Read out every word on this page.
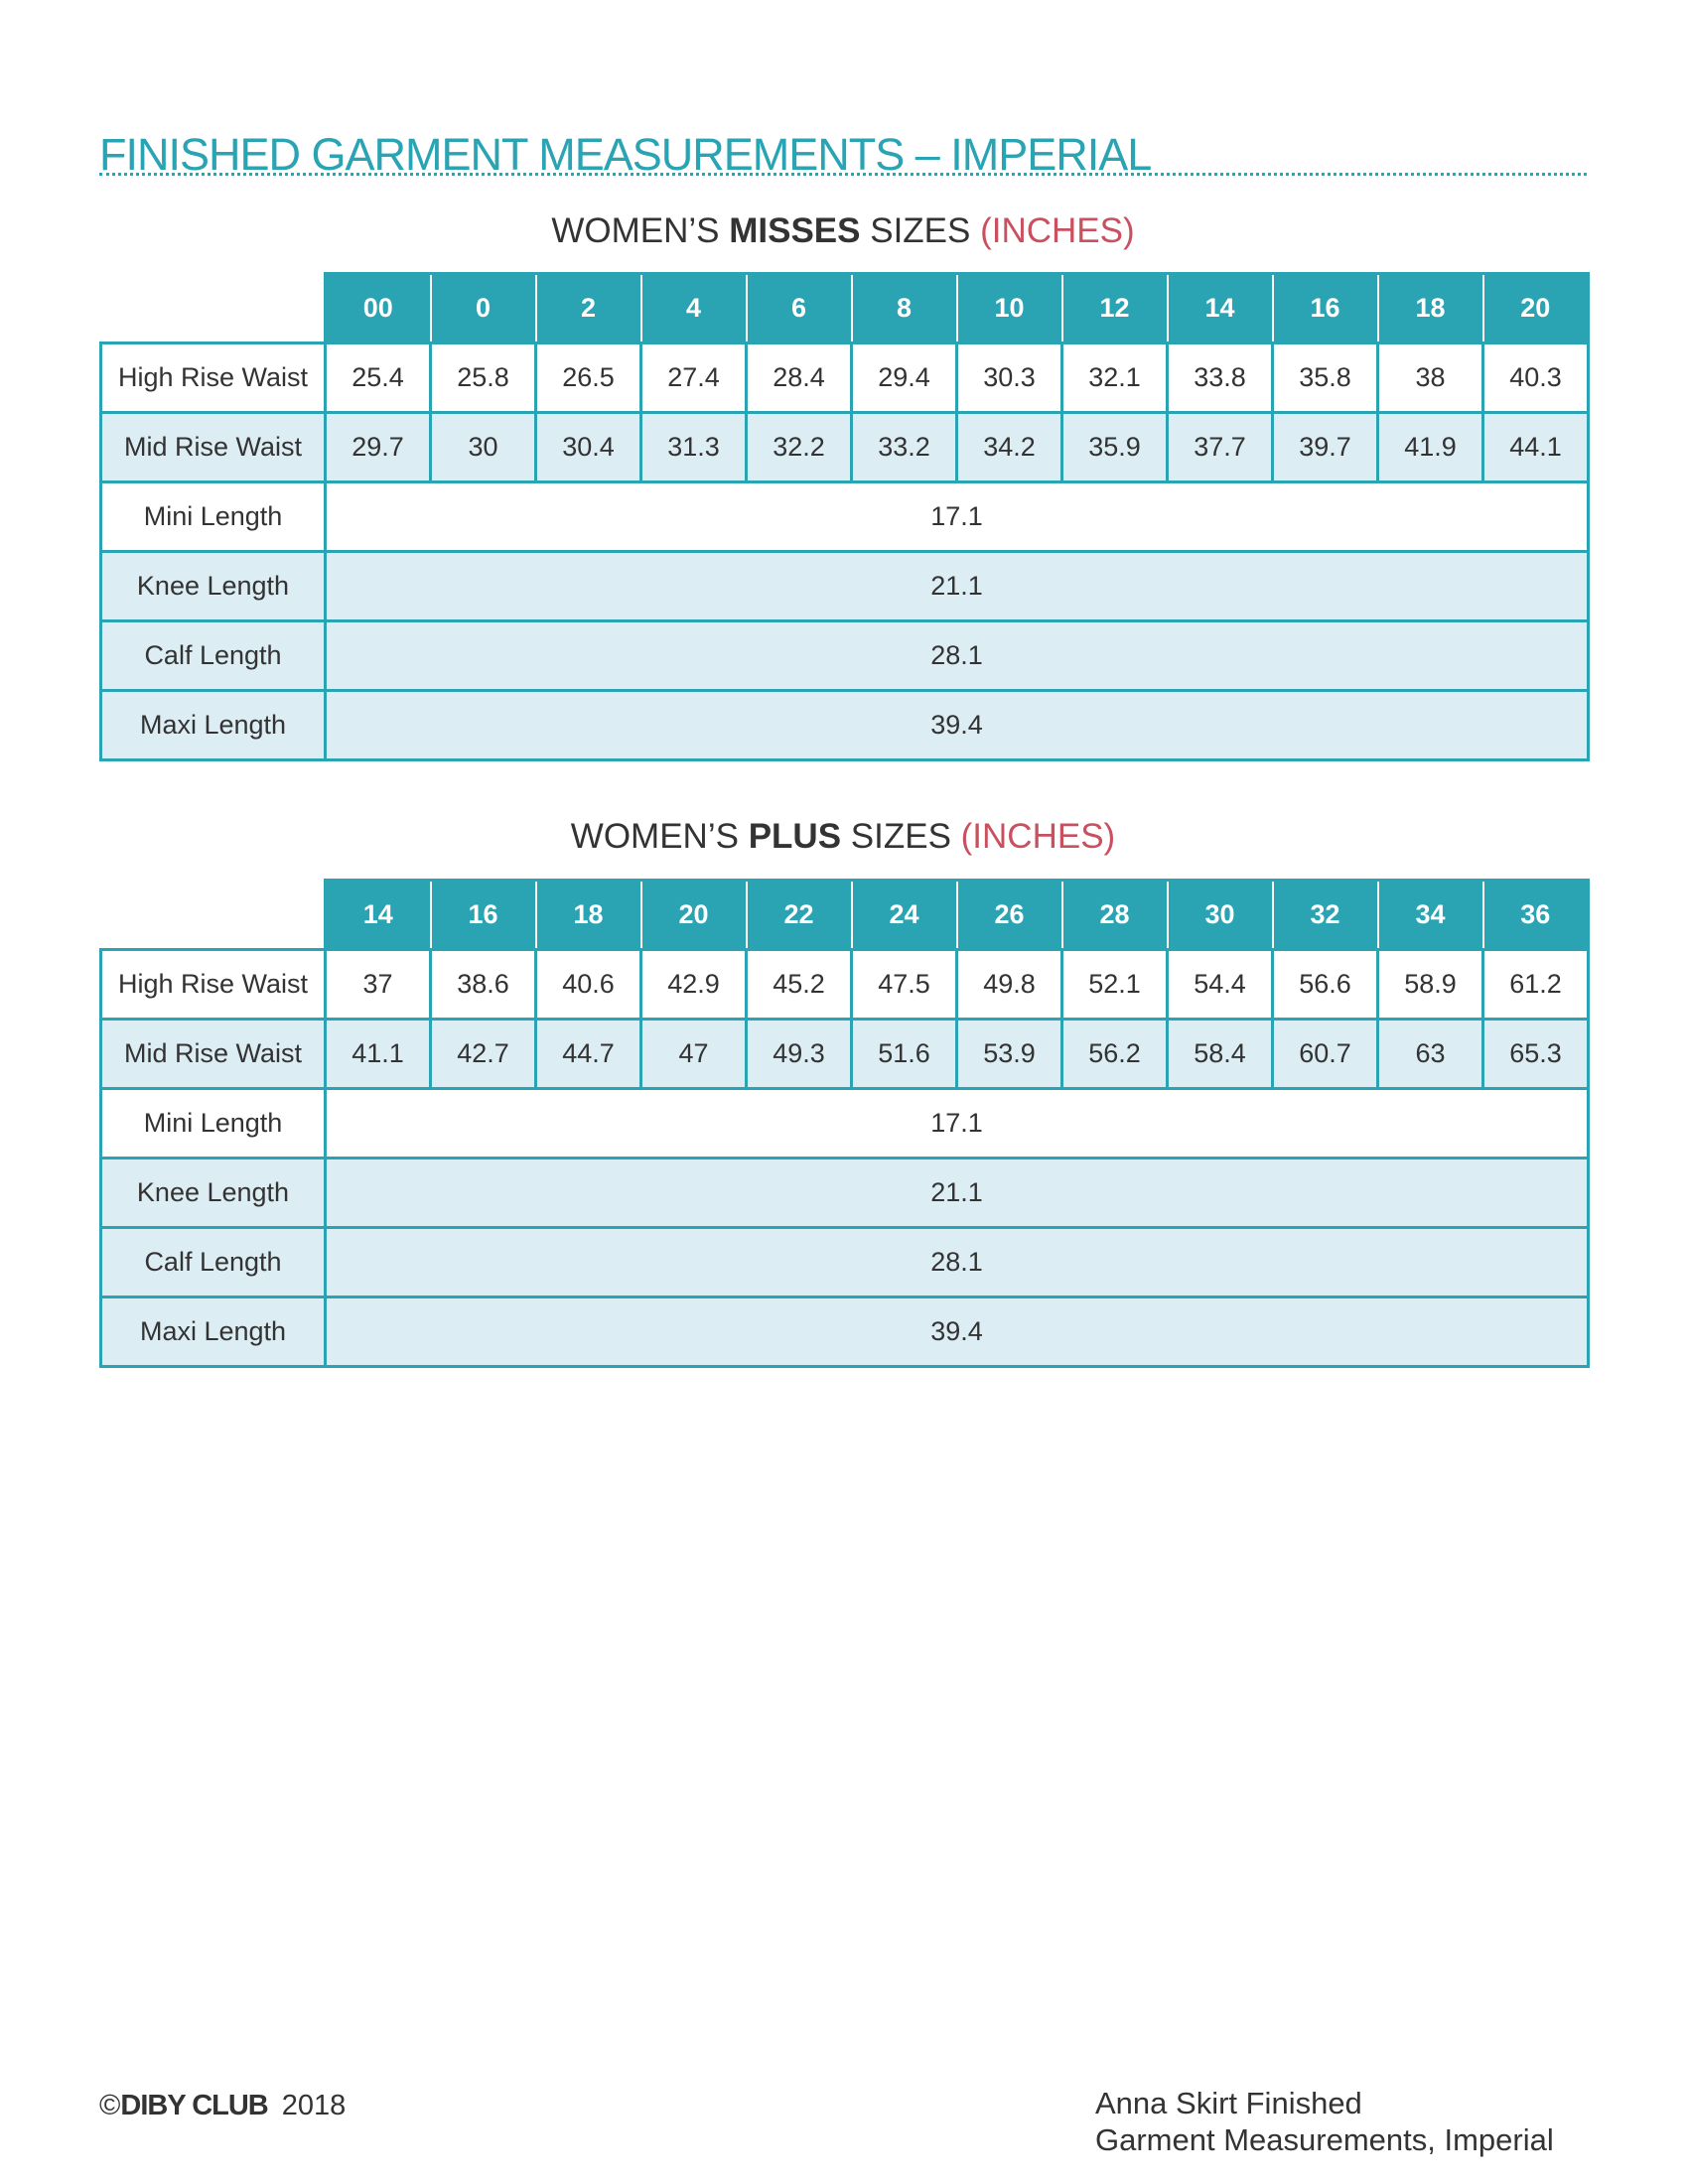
FINISHED GARMENT MEASUREMENTS – IMPERIAL
WOMEN’S MISSES SIZES (INCHES)
	00	0	2	4	6	8	10	12	14	16	18	20
High Rise Waist	25.4	25.8	26.5	27.4	28.4	29.4	30.3	32.1	33.8	35.8	38	40.3
Mid Rise Waist	29.7	30	30.4	31.3	32.2	33.2	34.2	35.9	37.7	39.7	41.9	44.1
Mini Length	17.1											
Knee Length	21.1											
Calf Length	28.1											
Maxi Length	39.4											
WOMEN’S PLUS SIZES (INCHES)
	14	16	18	20	22	24	26	28	30	32	34	36
High Rise Waist	37	38.6	40.6	42.9	45.2	47.5	49.8	52.1	54.4	56.6	58.9	61.2
Mid Rise Waist	41.1	42.7	44.7	47	49.3	51.6	53.9	56.2	58.4	60.7	63	65.3
Mini Length	17.1											
Knee Length	21.1											
Calf Length	28.1											
Maxi Length	39.4											
©DIBY CLUB 2018	Anna Skirt Finished
Garment Measurements, Imperial
